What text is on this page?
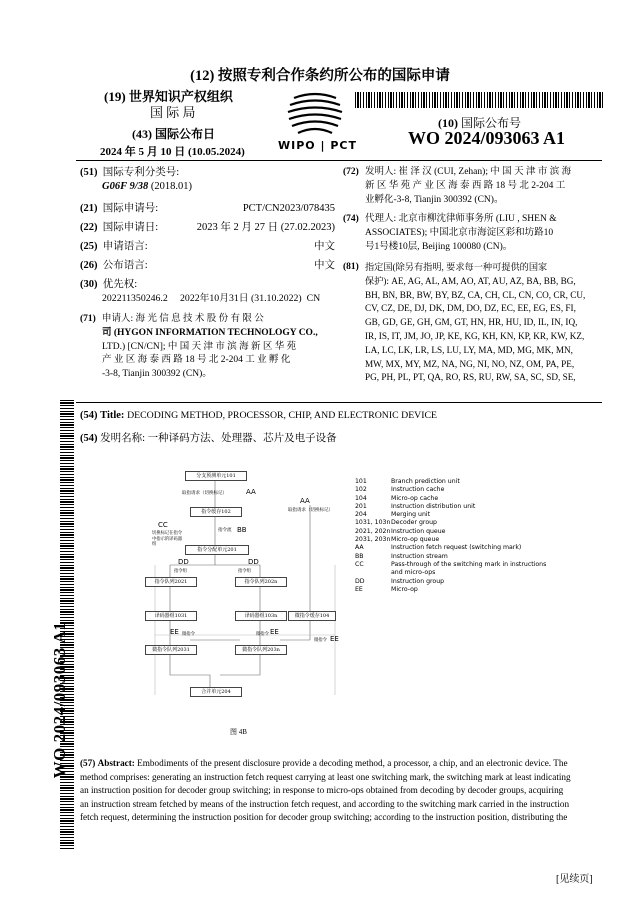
(12) 按照专利合作条约所公布的国际申请
(19) 世界知识产权组织
国 际 局
(43) 国际公布日
2024 年 5 月 10 日 (10.05.2024)	WIPO | PCT
(10) 国际公布号
WO 2024/093063 A1
(51) 国际专利分类号:
G06F 9/38 (2018.01)
(21) 国际申请号:	PCT/CN2023/078435
(22) 国际申请日:	2023 年 2 月 27 日 (27.02.2023)
(25) 申请语言:	中文
(26) 公布语言:	中文
(30) 优先权:
202211350246.2 2022年10月31日 (31.10.2022) CN
(71) 申请人: 海 光 信 息 技 术 股 份 有 限 公
司 (HYGON INFORMATION TECHNOLOGY CO.,
LTD.) [CN/CN]; 中 国 天 津 市 滨 海 新 区 华 苑
产 业 区 海 泰 西 路 18 号 北 2-204 工 业 孵 化
-3-8, Tianjin 300392 (CN)。
(72) 发明人: 崔 泽 汉 (CUI, Zehan); 中 国 天 津 市 滨 海
新 区 华 苑 产 业 区 海 泰 西 路 18 号 北 2-204 工
业孵化-3-8, Tianjin 300392 (CN)。
(74) 代理人: 北京市柳沈律师事务所 (LIU , SHEN &
ASSOCIATES); 中国北京市海淀区彩和坊路10
号1号楼10层, Beijing 100080 (CN)。
(81) 指定国(除另有指明, 要求每一种可提供的国家
保护): AE, AG, AL, AM, AO, AT, AU, AZ, BA, BB, BG,
BH, BN, BR, BW, BY, BZ, CA, CH, CL, CN, CO, CR, CU,
CV, CZ, DE, DJ, DK, DM, DO, DZ, EC, EE, EG, ES, FI,
GB, GD, GE, GH, GM, GT, HN, HR, HU, ID, IL, IN, IQ,
IR, IS, IT, JM, JO, JP, KE, KG, KH, KN, KP, KR, KW, KZ,
LA, LC, LK, LR, LS, LU, LY, MA, MD, MG, MK, MN,
MW, MX, MY, MZ, NA, NG, NI, NO, NZ, OM, PA, PE,
PG, PH, PL, PT, QA, RO, RS, RU, RW, SA, SC, SD, SE,
WO 2024/093063 A1
(54) Title: DECODING METHOD, PROCESSOR, CHIP, AND ELECTRONIC DEVICE
(54) 发明名称: 一种译码方法、处理器、芯片及电子设备
分支预测单元101
取指请求（切换标记）	AA
AA
取指请求（切换标记）
指令缓存102
CC
切换标记在指令中指示的译码器组
指令流 BB
指令分配单元201
DD	DD
指令组	指令组
指令队列2021	指令队列202n
译码器组1031	译码器组103n	微指令缓存104
EE 微指令	微指令 EE
微指令 EE
微指令队列2031	微指令队列203n
合并单元204
图 4B
101	Branch prediction unit
102	Instruction cache
104	Micro-op cache
201	Instruction distribution unit
204	Merging unit
1031, 103n Decoder group
2021, 202n Instruction queue
2031, 203n Micro-op queue
AA	Instruction fetch request (switching mark)
BB	Instruction stream
CC	Pass-through of the switching mark in instructions
and micro-ops
DD	Instruction group
EE	Micro-op
(57) Abstract: Embodiments of the present disclosure provide a decoding method, a processor, a chip, and an electronic device. The
method comprises: generating an instruction fetch request carrying at least one switching mark, the switching mark at least indicating
an instruction position for decoder group switching; in response to micro-ops obtained from decoding by decoder groups, acquiring
an instruction stream fetched by means of the instruction fetch request, and according to the switching mark carried in the instruction
fetch request, determining the instruction position for decoder group switching; according to the instruction position, distributing the
[见续页]
